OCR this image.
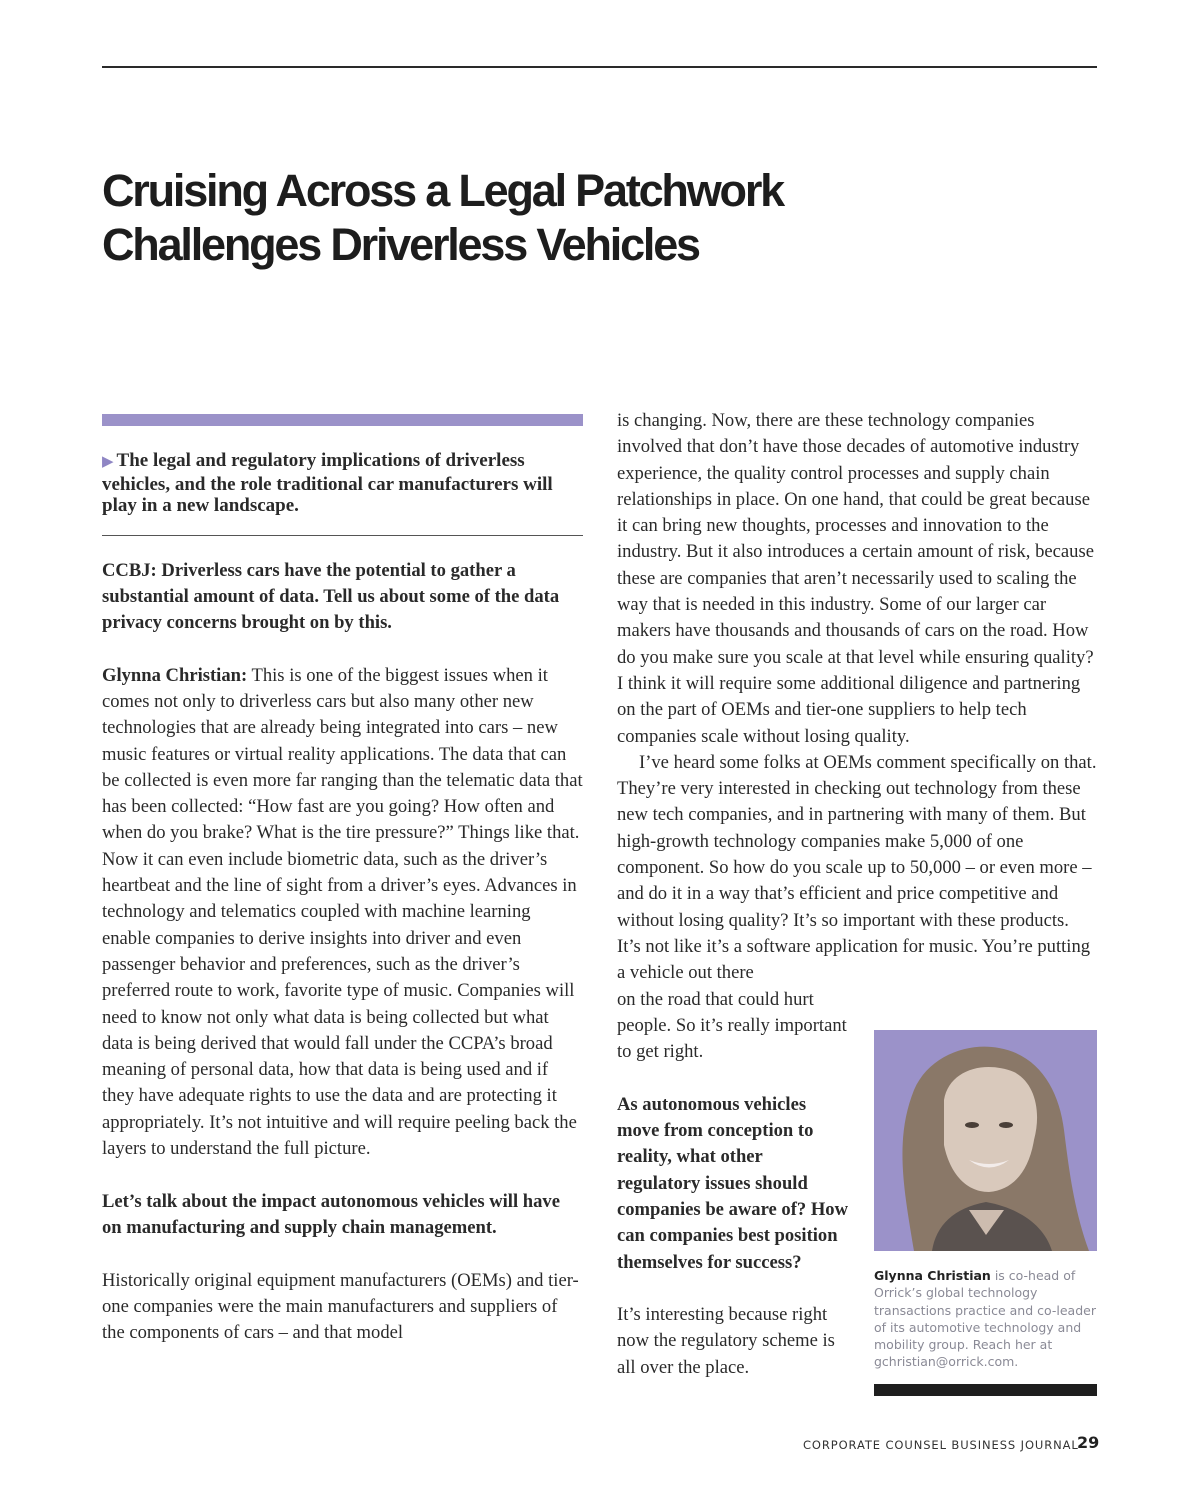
Cruising Across a Legal Patchwork
Challenges Driverless Vehicles

▶ The legal and regulatory implications of driverless vehicles, and the role traditional car manufacturers will play in a new landscape.

CCBJ: Driverless cars have the potential to gather a substantial amount of data. Tell us about some of the data privacy concerns brought on by this.

Glynna Christian: This is one of the biggest issues when it comes not only to driverless cars but also many other new technologies that are already being integrated into cars – new music features or virtual reality applications. The data that can be collected is even more far ranging than the telematic data that has been collected: “How fast are you going? How often and when do you brake? What is the tire pressure?” Things like that. Now it can even include biometric data, such as the driver’s heartbeat and the line of sight from a driver’s eyes. Advances in technology and telematics coupled with machine learning enable companies to derive insights into driver and even passenger behavior and preferences, such as the driver’s preferred route to work, favorite type of music. Companies will need to know not only what data is being collected but what data is being derived that would fall under the CCPA’s broad meaning of personal data, how that data is being used and if they have adequate rights to use the data and are protecting it appropriately. It’s not intuitive and will require peeling back the layers to understand the full picture.

Let’s talk about the impact autonomous vehicles will have on manufacturing and supply chain management.

Historically original equipment manufacturers (OEMs) and tier-one companies were the main manufacturers and suppliers of the components of cars – and that model

is changing. Now, there are these technology companies involved that don’t have those decades of automotive industry experience, the quality control processes and supply chain relationships in place. On one hand, that could be great because it can bring new thoughts, processes and innovation to the industry. But it also introduces a certain amount of risk, because these are companies that aren’t necessarily used to scaling the way that is needed in this industry. Some of our larger car makers have thousands and thousands of cars on the road. How do you make sure you scale at that level while ensuring quality? I think it will require some additional diligence and partnering on the part of OEMs and tier-one suppliers to help tech companies scale without losing quality.

I’ve heard some folks at OEMs comment specifically on that. They’re very interested in checking out technology from these new tech companies, and in partnering with many of them. But high-growth technology companies make 5,000 of one component. So how do you scale up to 50,000 – or even more – and do it in a way that’s efficient and price competitive and without losing quality? It’s so important with these products. It’s not like it’s a software application for music. You’re putting a vehicle out there

on the road that could hurt people. So it’s really important to get right.

As autonomous vehicles move from conception to reality, what other regulatory issues should companies be aware of? How can companies best position themselves for success?

It’s interesting because right now the regulatory scheme is all over the place.

Glynna Christian is co-head of Orrick’s global technology transactions practice and co-leader of its automotive technology and mobility group. Reach her at gchristian@orrick.com.
CORPORATE COUNSEL BUSINESS JOURNAL
29
